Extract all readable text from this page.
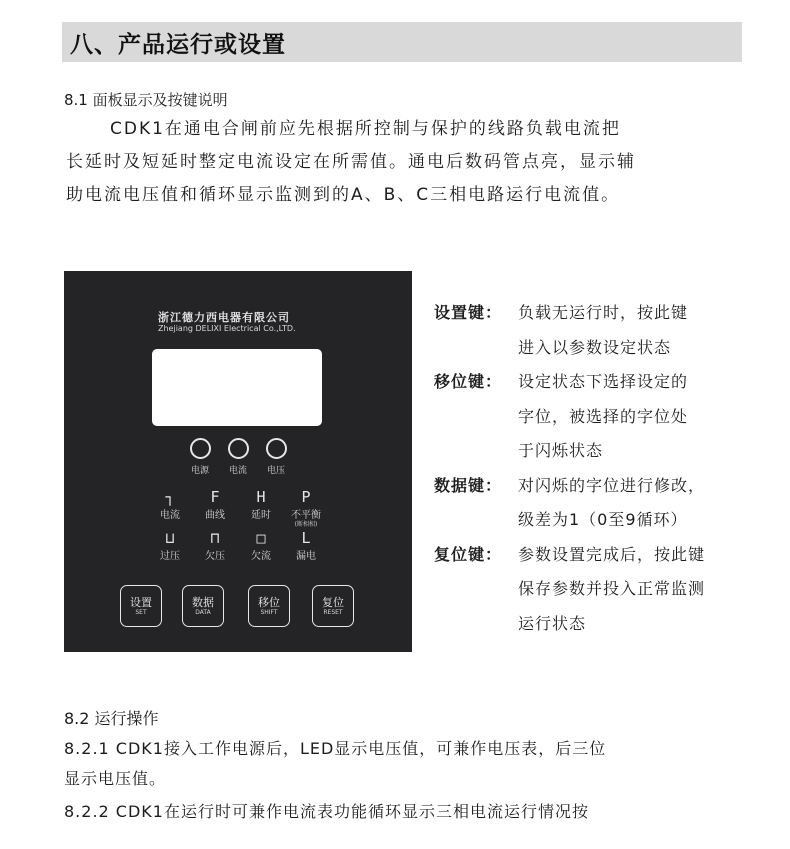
八、产品运行或设置
8.1 面板显示及按键说明
CDK1在通电合闸前应先根据所控制与保护的线路负载电流把
长延时及短延时整定电流设定在所需值。通电后数码管点亮，显示辅
助电流电压值和循环显示监测到的A、B、C三相电路运行电流值。
浙江德力西电器有限公司
Zhejiang DELIXI Electrical Co.,LTD.
电源	电流	电压
┐	F	H	P
电流	曲线	延时	不平衡
(断相相)
⊔	⊓	□	L
过压	欠压	欠流	漏电
设置
SET
数据
DATA
移位
SHIFT
复位
RESET
设置键： 负载无运行时，按此键
进入以参数设定状态
移位键： 设定状态下选择设定的
字位，被选择的字位处
于闪烁状态
数据键： 对闪烁的字位进行修改，
级差为1（0至9循环）
复位键： 参数设置完成后，按此键
保存参数并投入正常监测
运行状态
8.2 运行操作
8.2.1 CDK1接入工作电源后，LED显示电压值，可兼作电压表，后三位
显示电压值。
8.2.2 CDK1在运行时可兼作电流表功能循环显示三相电流运行情况按
